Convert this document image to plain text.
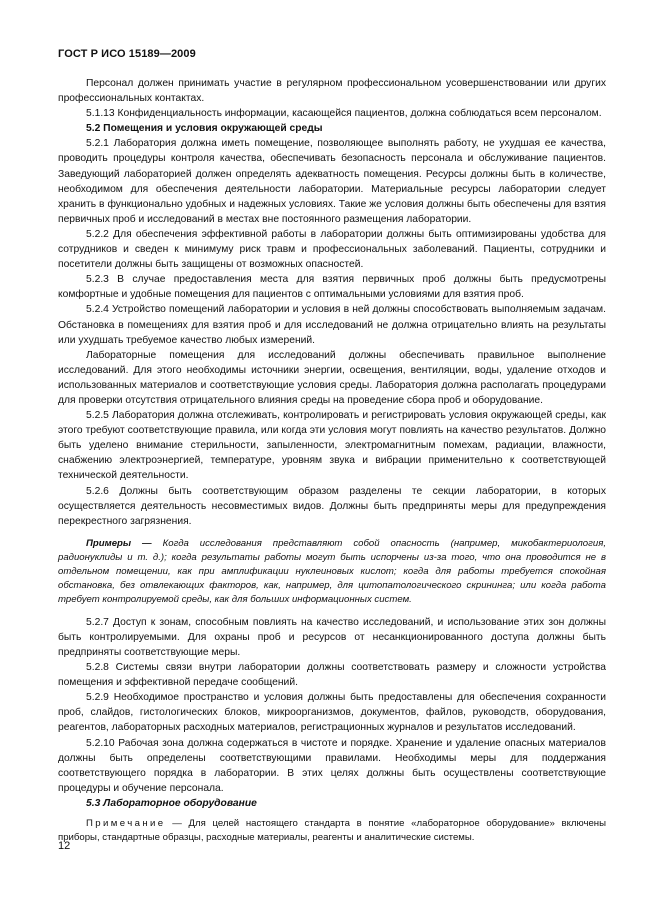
ГОСТ Р ИСО 15189—2009

Персонал должен принимать участие в регулярном профессиональном усовершенствовании или других профессиональных контактах.

5.1.13 Конфиденциальность информации, касающейся пациентов, должна соблюдаться всем персоналом.

5.2 Помещения и условия окружающей среды

5.2.1 Лаборатория должна иметь помещение, позволяющее выполнять работу, не ухудшая ее качества, проводить процедуры контроля качества, обеспечивать безопасность персонала и обслуживание пациентов. Заведующий лабораторией должен определять адекватность помещения. Ресурсы должны быть в количестве, необходимом для обеспечения деятельности лаборатории. Материальные ресурсы лаборатории следует хранить в функционально удобных и надежных условиях. Такие же условия должны быть обеспечены для взятия первичных проб и исследований в местах вне постоянного размещения лаборатории.

5.2.2 Для обеспечения эффективной работы в лаборатории должны быть оптимизированы удобства для сотрудников и сведен к минимуму риск травм и профессиональных заболеваний. Пациенты, сотрудники и посетители должны быть защищены от возможных опасностей.

5.2.3 В случае предоставления места для взятия первичных проб должны быть предусмотрены комфортные и удобные помещения для пациентов с оптимальными условиями для взятия проб.

5.2.4 Устройство помещений лаборатории и условия в ней должны способствовать выполняемым задачам. Обстановка в помещениях для взятия проб и для исследований не должна отрицательно влиять на результаты или ухудшать требуемое качество любых измерений.

Лабораторные помещения для исследований должны обеспечивать правильное выполнение исследований. Для этого необходимы источники энергии, освещения, вентиляции, воды, удаление отходов и использованных материалов и соответствующие условия среды. Лаборатория должна располагать процедурами для проверки отсутствия отрицательного влияния среды на проведение сбора проб и оборудование.

5.2.5 Лаборатория должна отслеживать, контролировать и регистрировать условия окружающей среды, как этого требуют соответствующие правила, или когда эти условия могут повлиять на качество результатов. Должно быть уделено внимание стерильности, запыленности, электромагнитным помехам, радиации, влажности, снабжению электроэнергией, температуре, уровням звука и вибрации применительно к соответствующей технической деятельности.

5.2.6 Должны быть соответствующим образом разделены те секции лаборатории, в которых осуществляется деятельность несовместимых видов. Должны быть предприняты меры для предупреждения перекрестного загрязнения.

Примеры — Когда исследования представляют собой опасность (например, микобактериология, радионуклиды и т. д.); когда результаты работы могут быть испорчены из-за того, что она проводится не в отдельном помещении, как при амплификации нуклеиновых кислот; когда для работы требуется спокойная обстановка, без отвлекающих факторов, как, например, для цитопатологического скрининга; или когда работа требует контролируемой среды, как для больших информационных систем.

5.2.7 Доступ к зонам, способным повлиять на качество исследований, и использование этих зон должны быть контролируемыми. Для охраны проб и ресурсов от несанкционированного доступа должны быть предприняты соответствующие меры.

5.2.8 Системы связи внутри лаборатории должны соответствовать размеру и сложности устройства помещения и эффективной передаче сообщений.

5.2.9 Необходимое пространство и условия должны быть предоставлены для обеспечения сохранности проб, слайдов, гистологических блоков, микроорганизмов, документов, файлов, руководств, оборудования, реагентов, лабораторных расходных материалов, регистрационных журналов и результатов исследований.

5.2.10 Рабочая зона должна содержаться в чистоте и порядке. Хранение и удаление опасных материалов должны быть определены соответствующими правилами. Необходимы меры для поддержания соответствующего порядка в лаборатории. В этих целях должны быть осуществлены соответствующие процедуры и обучение персонала.

5.3 Лабораторное оборудование

Примечание — Для целей настоящего стандарта в понятие «лабораторное оборудование» включены приборы, стандартные образцы, расходные материалы, реагенты и аналитические системы.

12
